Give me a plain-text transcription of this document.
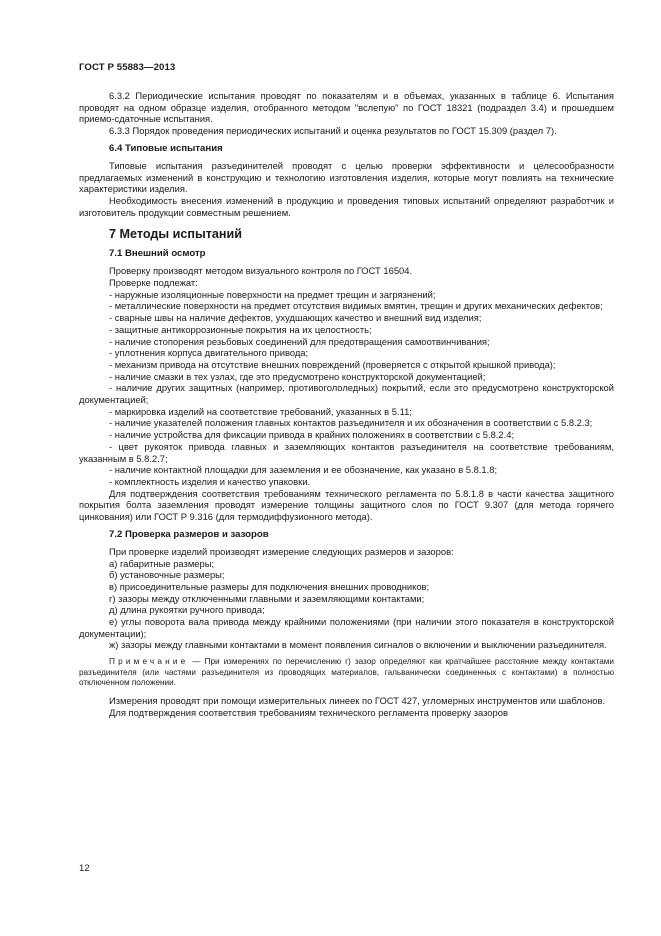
ГОСТ Р 55883—2013

6.3.2 Периодические испытания проводят по показателям и в объемах, указанных в таблице 6. Испытания проводят на одном образце изделия, отобранного методом "вслепую" по ГОСТ 18321 (подраздел 3.4) и прошедшем приемо-сдаточные испытания.

6.3.3 Порядок проведения периодических испытаний и оценка результатов по ГОСТ 15.309 (раздел 7).

6.4 Типовые испытания

Типовые испытания разъединителей проводят с целью проверки эффективности и целесообразности предлагаемых изменений в конструкцию и технологию изготовления изделия, которые могут повлиять на технические характеристики изделия.

Необходимость внесения изменений в продукцию и проведения типовых испытаний определяют разработчик и изготовитель продукции совместным решением.

7 Методы испытаний
7.1 Внешний осмотр

Проверку производят методом визуального контроля по ГОСТ 16504.

Проверке подлежат:

- наружные изоляционные поверхности на предмет трещин и загрязнений;

- металлические поверхности на предмет отсутствия видимых вмятин, трещин и других механических дефектов;

- сварные швы на наличие дефектов, ухудшающих качество и внешний вид изделия;

- защитные антикоррозионные покрытия на их целостность;

- наличие стопорения резьбовых соединений для предотвращения самоотвинчивания;

- уплотнения корпуса двигательного привода;

- механизм привода на отсутствие внешних повреждений (проверяется с открытой крышкой привода);

- наличие смазки в тех узлах, где это предусмотрено конструкторской документацией;

- наличие других защитных (например, противогололедных) покрытий, если это предусмотрено конструкторской документацией;

- маркировка изделий на соответствие требований, указанных в 5.11;

- наличие указателей положения главных контактов разъединителя и их обозначения в соответствии с 5.8.2.3;

- наличие устройства для фиксации привода в крайних положениях в соответствии с 5.8.2.4;

- цвет рукояток привода главных и заземляющих контактов разъединителя на соответствие требованиям, указанным в 5.8.2.7;

- наличие контактной площадки для заземления и ее обозначение, как указано в 5.8.1.8;

- комплектность изделия и качество упаковки.

Для подтверждения соответствия требованиям технического регламента по 5.8.1.8 в части качества защитного покрытия болта заземления проводят измерение толщины защитного слоя по ГОСТ 9.307 (для метода горячего цинкования) или ГОСТ Р 9.316 (для термодиффузионного метода).

7.2 Проверка размеров и зазоров

При проверке изделий производят измерение следующих размеров и зазоров:

а) габаритные размеры;

б) установочные размеры;

в) присоединительные размеры для подключения внешних проводников;

г) зазоры между отключенными главными и заземляющими контактами;

д) длина рукоятки ручного привода;

е) углы поворота вала привода между крайними положениями (при наличии этого показателя в конструкторской документации);

ж) зазоры между главными контактами в момент появления сигналов о включении и выключении разъединителя.

Примечание — При измерениях по перечислению г) зазор определяют как кратчайшее расстояние между контактами разъединителя (или частями разъединителя из проводящих материалов, гальванически соединенных с контактами) в полностью отключенном положении.

Измерения проводят при помощи измерительных линеек по ГОСТ 427, угломерных инструментов или шаблонов.

Для подтверждения соответствия требованиям технического регламента проверку зазоров

12
